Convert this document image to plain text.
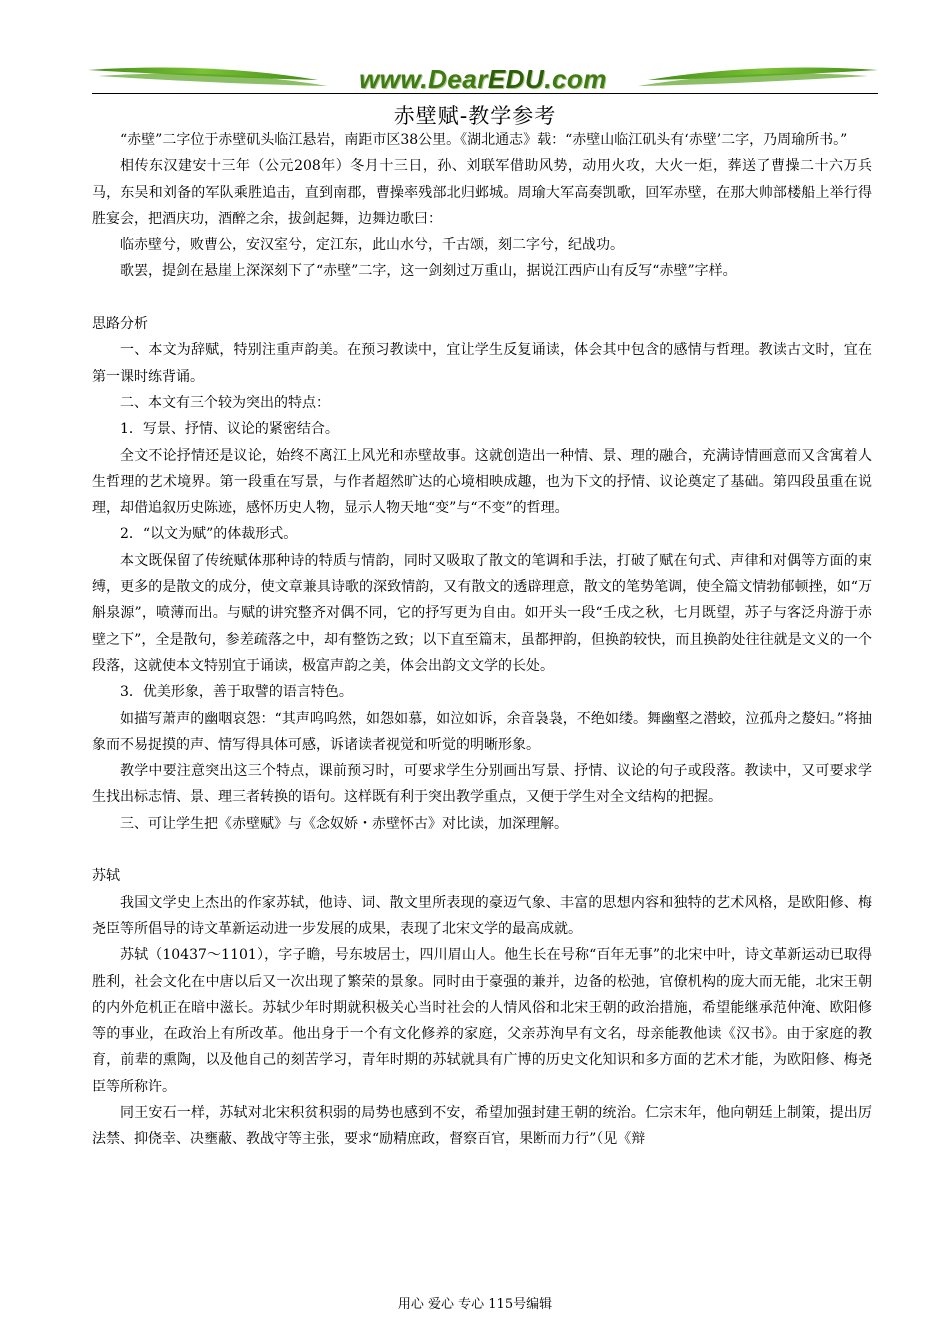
www.DearEDU.com
赤壁赋-教学参考

“赤壁”二字位于赤壁矶头临江悬岩，南距市区38公里。《湖北通志》载：“赤壁山临江矶头有‘赤壁’二字，乃周瑜所书。”

相传东汉建安十三年（公元208年）冬月十三日，孙、刘联军借助风势，动用火攻，大火一炬，葬送了曹操二十六万兵马，东吴和刘备的军队乘胜追击，直到南郡，曹操率残部北归邺城。周瑜大军高奏凯歌，回军赤壁，在那大帅部楼船上举行得胜宴会，把酒庆功，酒醉之余，拔剑起舞，边舞边歌曰：

临赤壁兮，败曹公，安汉室兮，定江东，此山水兮，千古颂，刻二字兮，纪战功。

歌罢，提剑在悬崖上深深刻下了“赤壁”二字，这一剑刻过万重山，据说江西庐山有反写“赤壁”字样。

思路分析

一、本文为辞赋，特别注重声韵美。在预习教读中，宜让学生反复诵读，体会其中包含的感情与哲理。教读古文时，宜在第一课时练背诵。

二、本文有三个较为突出的特点：

1．写景、抒情、议论的紧密结合。

全文不论抒情还是议论，始终不离江上风光和赤壁故事。这就创造出一种情、景、理的融合，充满诗情画意而又含寓着人生哲理的艺术境界。第一段重在写景，与作者超然旷达的心境相映成趣，也为下文的抒情、议论奠定了基础。第四段虽重在说理，却借追叙历史陈迹，感怀历史人物，显示人物天地“变”与“不变”的哲理。

2．“以文为赋”的体裁形式。

本文既保留了传统赋体那种诗的特质与情韵，同时又吸取了散文的笔调和手法，打破了赋在句式、声律和对偶等方面的束缚，更多的是散文的成分，使文章兼具诗歌的深致情韵，又有散文的透辟理意，散文的笔势笔调，使全篇文情勃郁顿挫，如“万斛泉源”，喷薄而出。与赋的讲究整齐对偶不同，它的抒写更为自由。如开头一段“壬戌之秋，七月既望，苏子与客泛舟游于赤壁之下”，全是散句，参差疏落之中，却有整饬之致；以下直至篇末，虽都押韵，但换韵较快，而且换韵处往往就是文义的一个段落，这就使本文特别宜于诵读，极富声韵之美，体会出韵文文学的长处。

3．优美形象，善于取譬的语言特色。

如描写萧声的幽咽哀怨：“其声呜呜然，如怨如慕，如泣如诉，余音袅袅，不绝如缕。舞幽壑之潜蛟，泣孤舟之嫠妇。”将抽象而不易捉摸的声、情写得具体可感，诉诸读者视觉和听觉的明晰形象。

教学中要注意突出这三个特点，课前预习时，可要求学生分别画出写景、抒情、议论的句子或段落。教读中，又可要求学生找出标志情、景、理三者转换的语句。这样既有利于突出教学重点，又便于学生对全文结构的把握。

三、可让学生把《赤壁赋》与《念奴娇・赤壁怀古》对比读，加深理解。

苏轼

我国文学史上杰出的作家苏轼，他诗、词、散文里所表现的豪迈气象、丰富的思想内容和独特的艺术风格，是欧阳修、梅尧臣等所倡导的诗文革新运动进一步发展的成果，表现了北宋文学的最高成就。

苏轼（10437～1101），字子瞻，号东坡居士，四川眉山人。他生长在号称“百年无事”的北宋中叶，诗文革新运动已取得胜利，社会文化在中唐以后又一次出现了繁荣的景象。同时由于豪强的兼并，边备的松弛，官僚机构的庞大而无能，北宋王朝的内外危机正在暗中滋长。苏轼少年时期就积极关心当时社会的人情风俗和北宋王朝的政治措施，希望能继承范仲淹、欧阳修等的事业，在政治上有所改革。他出身于一个有文化修养的家庭，父亲苏洵早有文名，母亲能教他读《汉书》。由于家庭的教育，前辈的熏陶，以及他自己的刻苦学习，青年时期的苏轼就具有广博的历史文化知识和多方面的艺术才能，为欧阳修、梅尧臣等所称许。

同王安石一样，苏轼对北宋积贫积弱的局势也感到不安，希望加强封建王朝的统治。仁宗末年，他向朝廷上制策，提出厉法禁、抑侥幸、决壅蔽、教战守等主张，要求“励精庶政，督察百官，果断而力行”（见《辩

用心 爱心 专心 115号编辑
